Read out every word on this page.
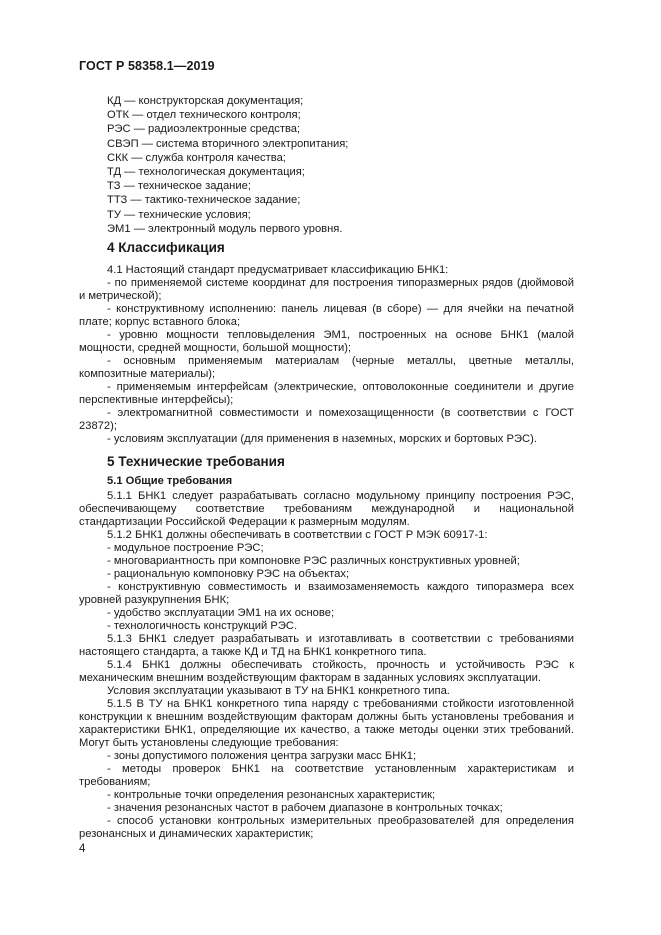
ГОСТ Р 58358.1—2019
КД — конструкторская документация;
ОТК — отдел технического контроля;
РЭС — радиоэлектронные средства;
СВЭП — система вторичного электропитания;
СКК — служба контроля качества;
ТД — технологическая документация;
ТЗ — техническое задание;
ТТЗ — тактико-техническое задание;
ТУ — технические условия;
ЭМ1 — электронный модуль первого уровня.
4 Классификация

4.1 Настоящий стандарт предусматривает классификацию БНК1:

- по применяемой системе координат для построения типоразмерных рядов (дюймовой и метрической);

- конструктивному исполнению: панель лицевая (в сборе) — для ячейки на печатной плате; корпус вставного блока;

- уровню мощности тепловыделения ЭМ1, построенных на основе БНК1 (малой мощности, средней мощности, большой мощности);

- основным применяемым материалам (черные металлы, цветные металлы, композитные материалы);

- применяемым интерфейсам (электрические, оптоволоконные соединители и другие перспективные интерфейсы);

- электромагнитной совместимости и помехозащищенности (в соответствии с ГОСТ 23872);

- условиям эксплуатации (для применения в наземных, морских и бортовых РЭС).

5 Технические требования
5.1 Общие требования

5.1.1 БНК1 следует разрабатывать согласно модульному принципу построения РЭС, обеспечивающему соответствие требованиям международной и национальной стандартизации Российской Федерации к размерным модулям.

5.1.2 БНК1 должны обеспечивать в соответствии с ГОСТ Р МЭК 60917-1:

- модульное построение РЭС;

- многовариантность при компоновке РЭС различных конструктивных уровней;

- рациональную компоновку РЭС на объектах;

- конструктивную совместимость и взаимозаменяемость каждого типоразмера всех уровней разукрупнения БНК;

- удобство эксплуатации ЭМ1 на их основе;

- технологичность конструкций РЭС.

5.1.3 БНК1 следует разрабатывать и изготавливать в соответствии с требованиями настоящего стандарта, а также КД и ТД на БНК1 конкретного типа.

5.1.4 БНК1 должны обеспечивать стойкость, прочность и устойчивость РЭС к механическим внешним воздействующим факторам в заданных условиях эксплуатации.

Условия эксплуатации указывают в ТУ на БНК1 конкретного типа.

5.1.5 В ТУ на БНК1 конкретного типа наряду с требованиями стойкости изготовленной конструкции к внешним воздействующим факторам должны быть установлены требования и характеристики БНК1, определяющие их качество, а также методы оценки этих требований. Могут быть установлены следующие требования:

- зоны допустимого положения центра загрузки масс БНК1;

- методы проверок БНК1 на соответствие установленным характеристикам и требованиям;

- контрольные точки определения резонансных характеристик;

- значения резонансных частот в рабочем диапазоне в контрольных точках;

- способ установки контрольных измерительных преобразователей для определения резонансных и динамических характеристик;

4
